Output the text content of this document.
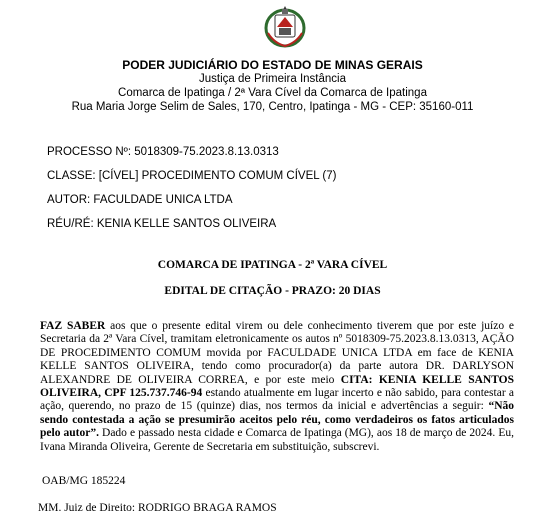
PODER JUDICIÁRIO DO ESTADO DE MINAS GERAIS
Justiça de Primeira Instância
Comarca de Ipatinga / 2ª Vara Cível da Comarca de Ipatinga
Rua Maria Jorge Selim de Sales, 170, Centro, Ipatinga - MG - CEP: 35160-011
PROCESSO Nº: 5018309-75.2023.8.13.0313
CLASSE: [CÍVEL] PROCEDIMENTO COMUM CÍVEL (7)
AUTOR: FACULDADE UNICA LTDA
RÉU/RÉ: KENIA KELLE SANTOS OLIVEIRA
COMARCA DE IPATINGA - 2ª VARA CÍVEL
EDITAL DE CITAÇÃO - PRAZO: 20 DIAS
FAZ SABER aos que o presente edital virem ou dele conhecimento tiverem que por este juízo e Secretaria da 2ª Vara Cível, tramitam eletronicamente os autos nº 5018309-75.2023.8.13.0313, AÇÃO DE PROCEDIMENTO COMUM movida por FACULDADE UNICA LTDA em face de KENIA KELLE SANTOS OLIVEIRA, tendo como procurador(a) da parte autora DR. DARLYSON ALEXANDRE DE OLIVEIRA CORREA, e por este meio CITA: KENIA KELLE SANTOS OLIVEIRA, CPF 125.737.746-94 estando atualmente em lugar incerto e não sabido, para contestar a ação, querendo, no prazo de 15 (quinze) dias, nos termos da inicial e advertências a seguir: “Não sendo contestada a ação se presumirão aceitos pelo réu, como verdadeiros os fatos articulados pelo autor”. Dado e passado nesta cidade e Comarca de Ipatinga (MG), aos 18 de março de 2024. Eu, Ivana Miranda Oliveira, Gerente de Secretaria em substituição, subscrevi.
OAB/MG 185224
MM. Juiz de Direito: RODRIGO BRAGA RAMOS
